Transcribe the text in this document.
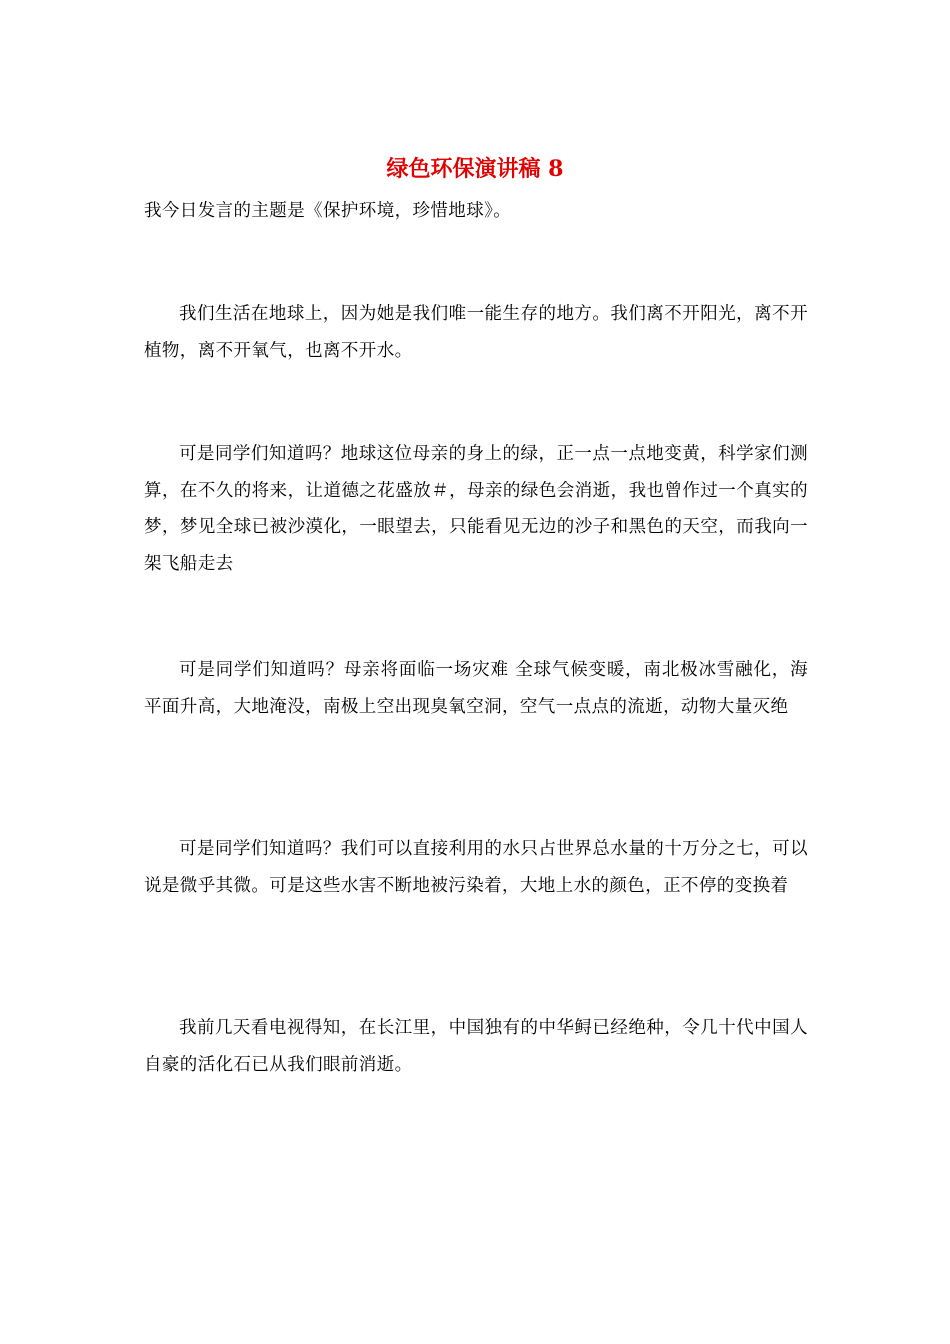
绿色环保演讲稿 8

我今日发言的主题是《保护环境，珍惜地球》。

我们生活在地球上，因为她是我们唯一能生存的地方。我们离不开阳光，离不开植物，离不开氧气，也离不开水。

可是同学们知道吗？地球这位母亲的身上的绿，正一点一点地变黄，科学家们测算，在不久的将来，让道德之花盛放＃，母亲的绿色会消逝，我也曾作过一个真实的梦，梦见全球已被沙漠化，一眼望去，只能看见无边的沙子和黑色的天空，而我向一架飞船走去

可是同学们知道吗？母亲将面临一场灾难 全球气候变暖，南北极冰雪融化，海平面升高，大地淹没，南极上空出现臭氧空洞，空气一点点的流逝，动物大量灭绝

可是同学们知道吗？我们可以直接利用的水只占世界总水量的十万分之七，可以说是微乎其微。可是这些水害不断地被污染着，大地上水的颜色，正不停的变换着

我前几天看电视得知，在长江里，中国独有的中华鲟已经绝种，令几十代中国人自豪的活化石已从我们眼前消逝。
